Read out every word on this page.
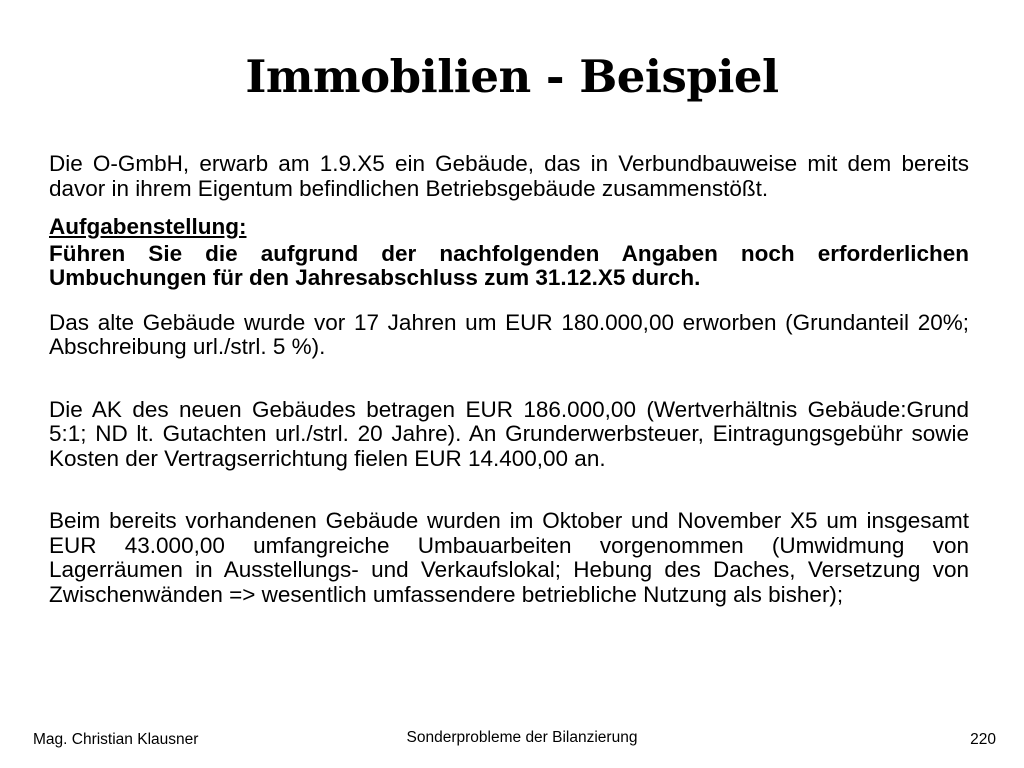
Immobilien - Beispiel

Die O-GmbH, erwarb am 1.9.X5 ein Gebäude, das in Verbundbauweise mit dem bereits davor in ihrem Eigentum befindlichen Betriebsgebäude zusammenstößt.

Aufgabenstellung:

Führen Sie die aufgrund der nachfolgenden Angaben noch erforderlichen Umbuchungen für den Jahresabschluss zum 31.12.X5 durch.

Das alte Gebäude wurde vor 17 Jahren um EUR 180.000,00 erworben (Grundanteil 20%; Abschreibung url./strl. 5 %).

Die AK des neuen Gebäudes betragen EUR 186.000,00 (Wertverhältnis Gebäude:Grund 5:1; ND lt. Gutachten url./strl. 20 Jahre). An Grunderwerbsteuer, Eintragungsgebühr sowie Kosten der Vertragserrichtung fielen EUR 14.400,00 an.

Beim bereits vorhandenen Gebäude wurden im Oktober und November X5 um insgesamt EUR 43.000,00 umfangreiche Umbauarbeiten vorgenommen (Umwidmung von Lagerräumen in Ausstellungs- und Verkaufslokal; Hebung des Daches, Versetzung von Zwischenwänden => wesentlich umfassendere betriebliche Nutzung als bisher);

Mag. Christian Klausner	Sonderprobleme der Bilanzierung	220
